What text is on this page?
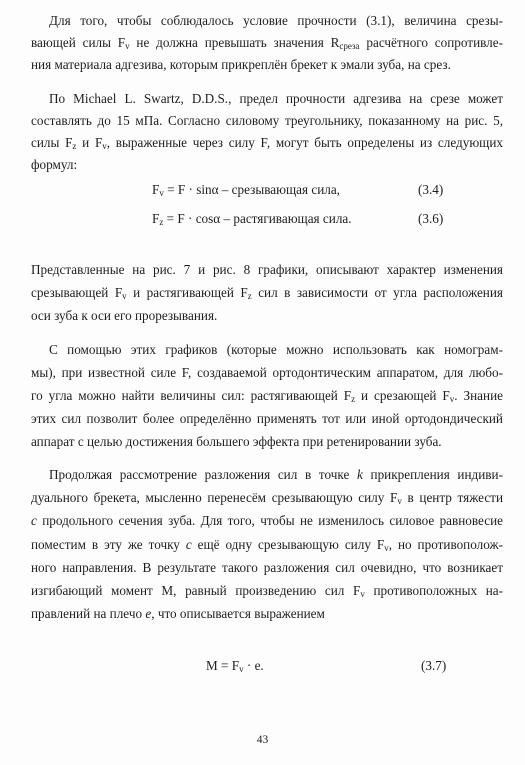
Для того, чтобы соблюдалось условие прочности (3.1), величина срезы-
вающей силы $F_v$ не должна превышать значения $R_{среза}$ расчётного сопротивле-
ния материала адгезива, которым прикреплён брекет к эмали зуба, на срез.
По Michael L. Swartz, D.D.S., предел прочности адгезива на срезе может
составлять до 15 мПа. Согласно силовому треугольнику, показанному на рис. 5,
силы $F_z$ и $F_v$, выраженные через силу F, могут быть определены из следующих
формул:
$F_v = F \cdot \sin\alpha$ – срезывающая сила,	(3.4)
$F_z = F \cdot \cos\alpha$ – растягивающая сила.	(3.6)
Представленные на рис. 7 и рис. 8 графики, описывают характер изменения
срезывающей $F_v$ и растягивающей $F_z$ сил в зависимости от угла расположения
оси зуба к оси его прорезывания.
С помощью этих графиков (которые можно использовать как номограм-
мы), при известной силе F, создаваемой ортодонтическим аппаратом, для любо-
го угла можно найти величины сил: растягивающей $F_z$ и срезающей $F_v$. Знание
этих сил позволит более определённо применять тот или иной ортодондический
аппарат с целью достижения большего эффекта при ретенировании зуба.
Продолжая рассмотрение разложения сил в точке k прикрепления индиви-
дуального брекета, мысленно перенесём срезывающую силу $F_v$ в центр тяжести
c продольного сечения зуба. Для того, чтобы не изменилось силовое равновесие
поместим в эту же точку c ещё одну срезывающую силу $F_v$, но противополож-
ного направления. В результате такого разложения сил очевидно, что возникает
изгибающий момент М, равный произведению сил $F_v$ противоположных на-
правлений на плечо e, что описывается выражением
$M = F_v \cdot e$.	(3.7)
43
